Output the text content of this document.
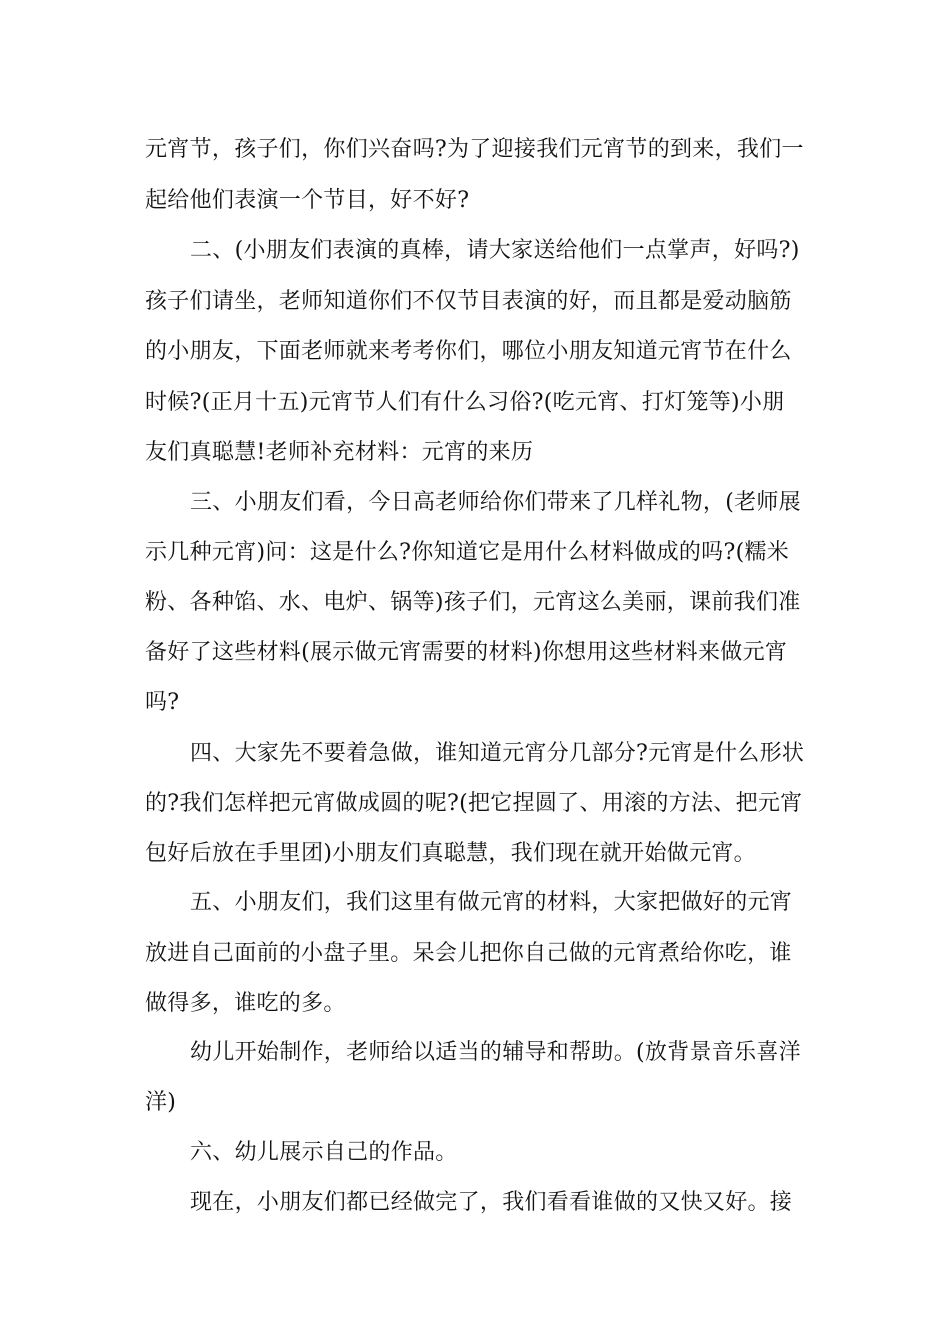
元宵节，孩子们，你们兴奋吗?为了迎接我们元宵节的到来，我们一
起给他们表演一个节目，好不好?
二、(小朋友们表演的真棒，请大家送给他们一点掌声，好吗?)
孩子们请坐，老师知道你们不仅节目表演的好，而且都是爱动脑筋
的小朋友，下面老师就来考考你们，哪位小朋友知道元宵节在什么
时候?(正月十五)元宵节人们有什么习俗?(吃元宵、打灯笼等)小朋
友们真聪慧!老师补充材料：元宵的来历
三、小朋友们看，今日高老师给你们带来了几样礼物，(老师展
示几种元宵)问：这是什么?你知道它是用什么材料做成的吗?(糯米
粉、各种馅、水、电炉、锅等)孩子们，元宵这么美丽，课前我们准
备好了这些材料(展示做元宵需要的材料)你想用这些材料来做元宵
吗?
四、大家先不要着急做，谁知道元宵分几部分?元宵是什么形状
的?我们怎样把元宵做成圆的呢?(把它捏圆了、用滚的方法、把元宵
包好后放在手里团)小朋友们真聪慧，我们现在就开始做元宵。
五、小朋友们，我们这里有做元宵的材料，大家把做好的元宵
放进自己面前的小盘子里。呆会儿把你自己做的元宵煮给你吃，谁
做得多，谁吃的多。
幼儿开始制作，老师给以适当的辅导和帮助。(放背景音乐喜洋
洋)
六、幼儿展示自己的作品。
现在，小朋友们都已经做完了，我们看看谁做的又快又好。接
